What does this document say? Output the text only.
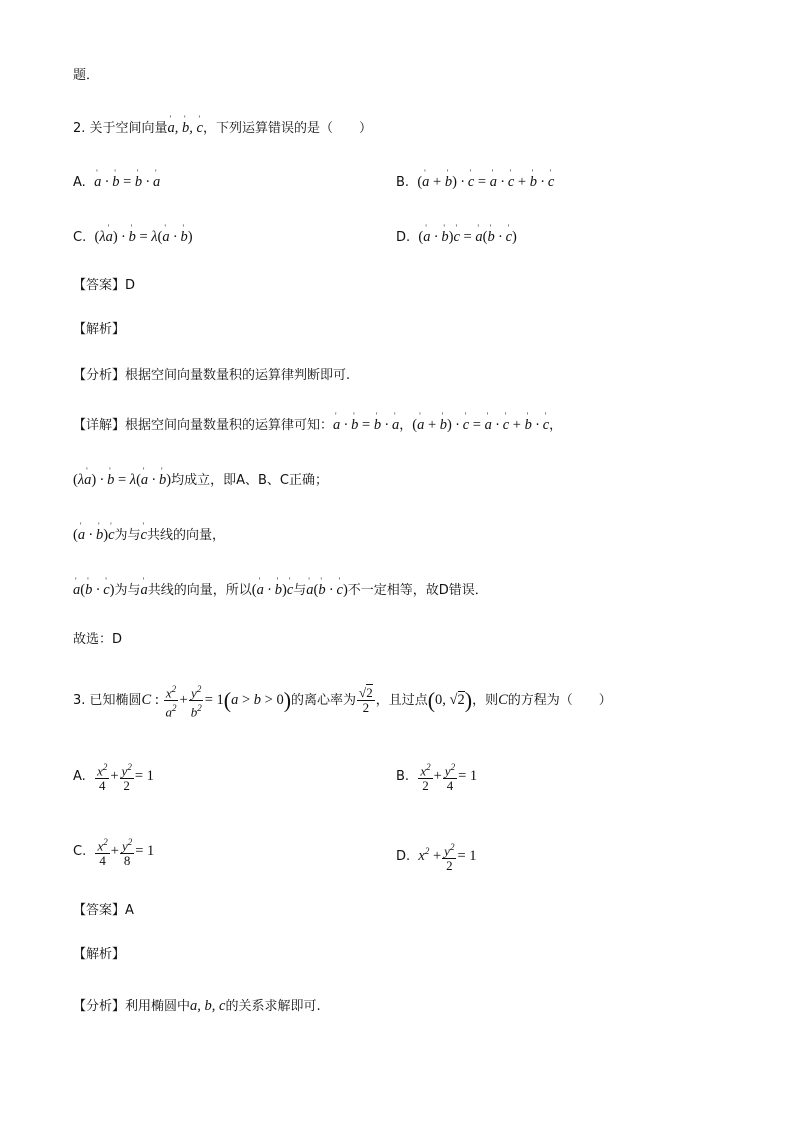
题．
2. 关于空间向量' a, ' b, ' c，下列运算错误的是（　　）
A. ' a · ' b = ' b · ' a	B. (' a + ' b) · ' c = ' a · ' c + ' b · ' c
C. (λ' a) · ' b = λ(' a · ' b)	D. (' a · ' b)' c = ' a(' b · ' c)
【答案】D
【解析】
【分析】根据空间向量数量积的运算律判断即可.
【详解】根据空间向量数量积的运算律可知：' a · ' b = ' b · ' a，(' a + ' b) · ' c = ' a · ' c + ' b · ' c，
(λ' a) · ' b = λ(' a · ' b)均成立，即A、B、C正确；
(' a · ' b)' c为与' c共线的向量，
' a(' b · ' c)为与' a共线的向量，所以(' a · ' b)' c与' a(' b · ' c)不一定相等，故D错误．
故选：D
3. 已知椭圆C : $\frac{x^2}{a^2} + \frac{y^2}{b^2} = 1(a > b > 0)$的离心率为 $\frac{√2}{2}$ ，且过点(0, √2)，则C的方程为（　　）
A. $\frac{x^2}{4} + \frac{y^2}{2} = 1$	B. $\frac{x^2}{2} + \frac{y^2}{4} = 1$
C. $\frac{x^2}{4} + \frac{y^2}{8} = 1$	D. $x^2 + \frac{y^2}{2} = 1$
【答案】A
【解析】
【分析】利用椭圆中a, b, c的关系求解即可.
